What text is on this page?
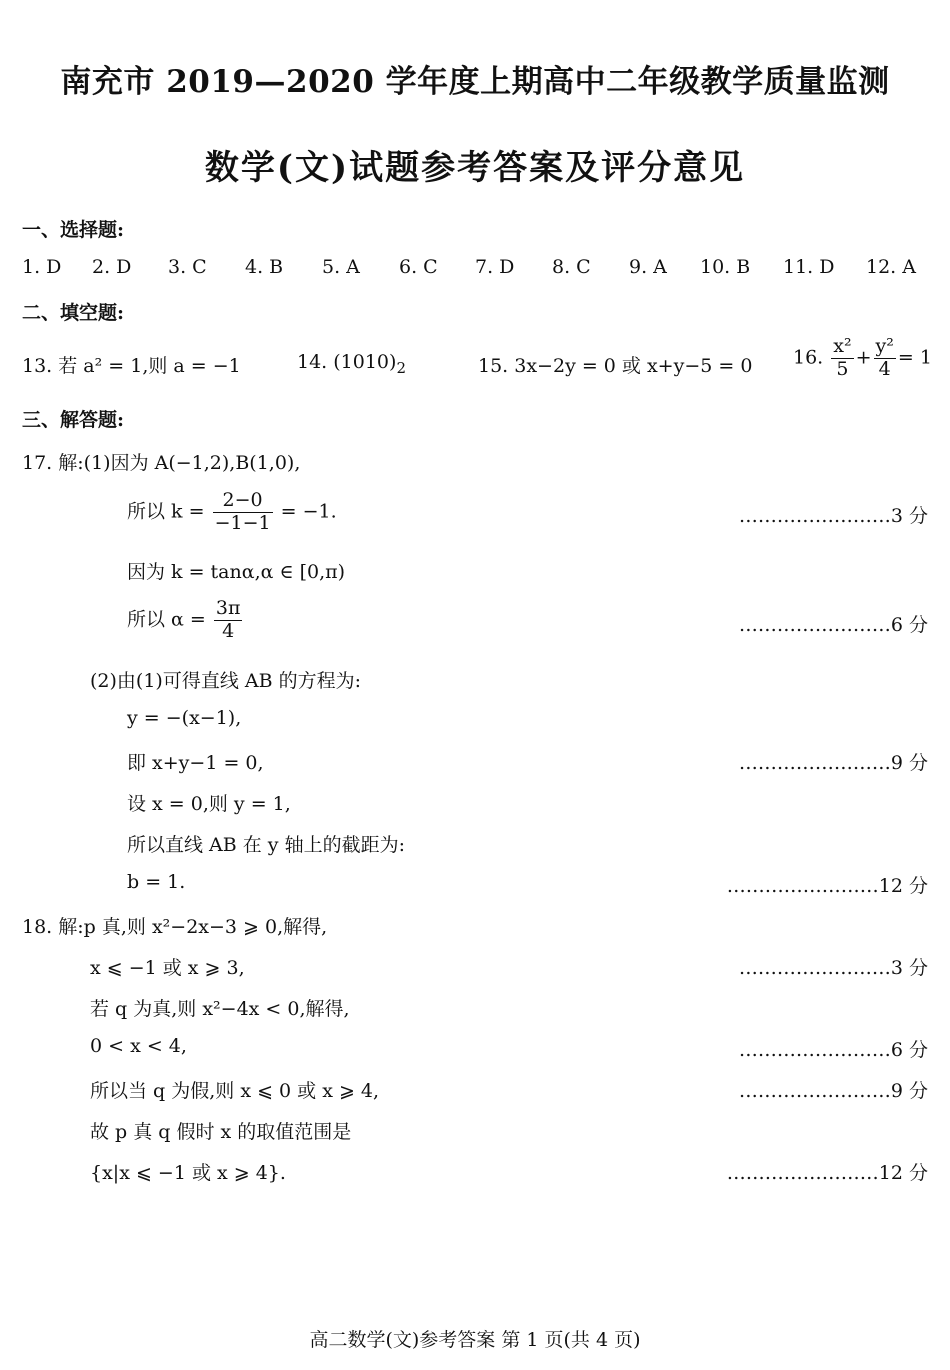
南充市 2019—2020 学年度上期高中二年级教学质量监测
数学(文)试题参考答案及评分意见
一、选择题:
1. D 2. D 3. C 4. B 5. A 6. C 7. D 8. C 9. A 10. B 11. D 12. A
二、填空题:
13. 若 a² = 1,则 a = −1	14. $(1010)_2$	15. 3x−2y = 0 或 x+y−5 = 0 16. $\frac{\text{x²}}{5} + \frac{\text{y²}}{4} = 1$
三、解答题:
17. 解:(1)因为 A(−1,2),B(1,0),
所以 $k = \frac{2-0}{-1-1} = -1$.	……………………3 分
因为 k = tanα,α ∈ [0,π)
所以 $\alpha = \frac{3\pi}{4}$	……………………6 分
(2)由(1)可得直线 AB 的方程为:
y = −(x−1),
即 x+y−1 = 0,	……………………9 分
设 x = 0,则 y = 1,
所以直线 AB 在 y 轴上的截距为:
b = 1.	……………………12 分
18. 解:p 真,则 x²−2x−3 ⩾ 0,解得,
x ⩽ −1 或 x ⩾ 3,	……………………3 分
若 q 为真,则 x²−4x < 0,解得,
0 < x < 4,	……………………6 分
所以当 q 为假,则 x ⩽ 0 或 x ⩾ 4,	……………………9 分
故 p 真 q 假时 x 的取值范围是
{x|x ⩽ −1 或 x ⩾ 4}.	……………………12 分
高二数学(文)参考答案 第 1 页(共 4 页)
